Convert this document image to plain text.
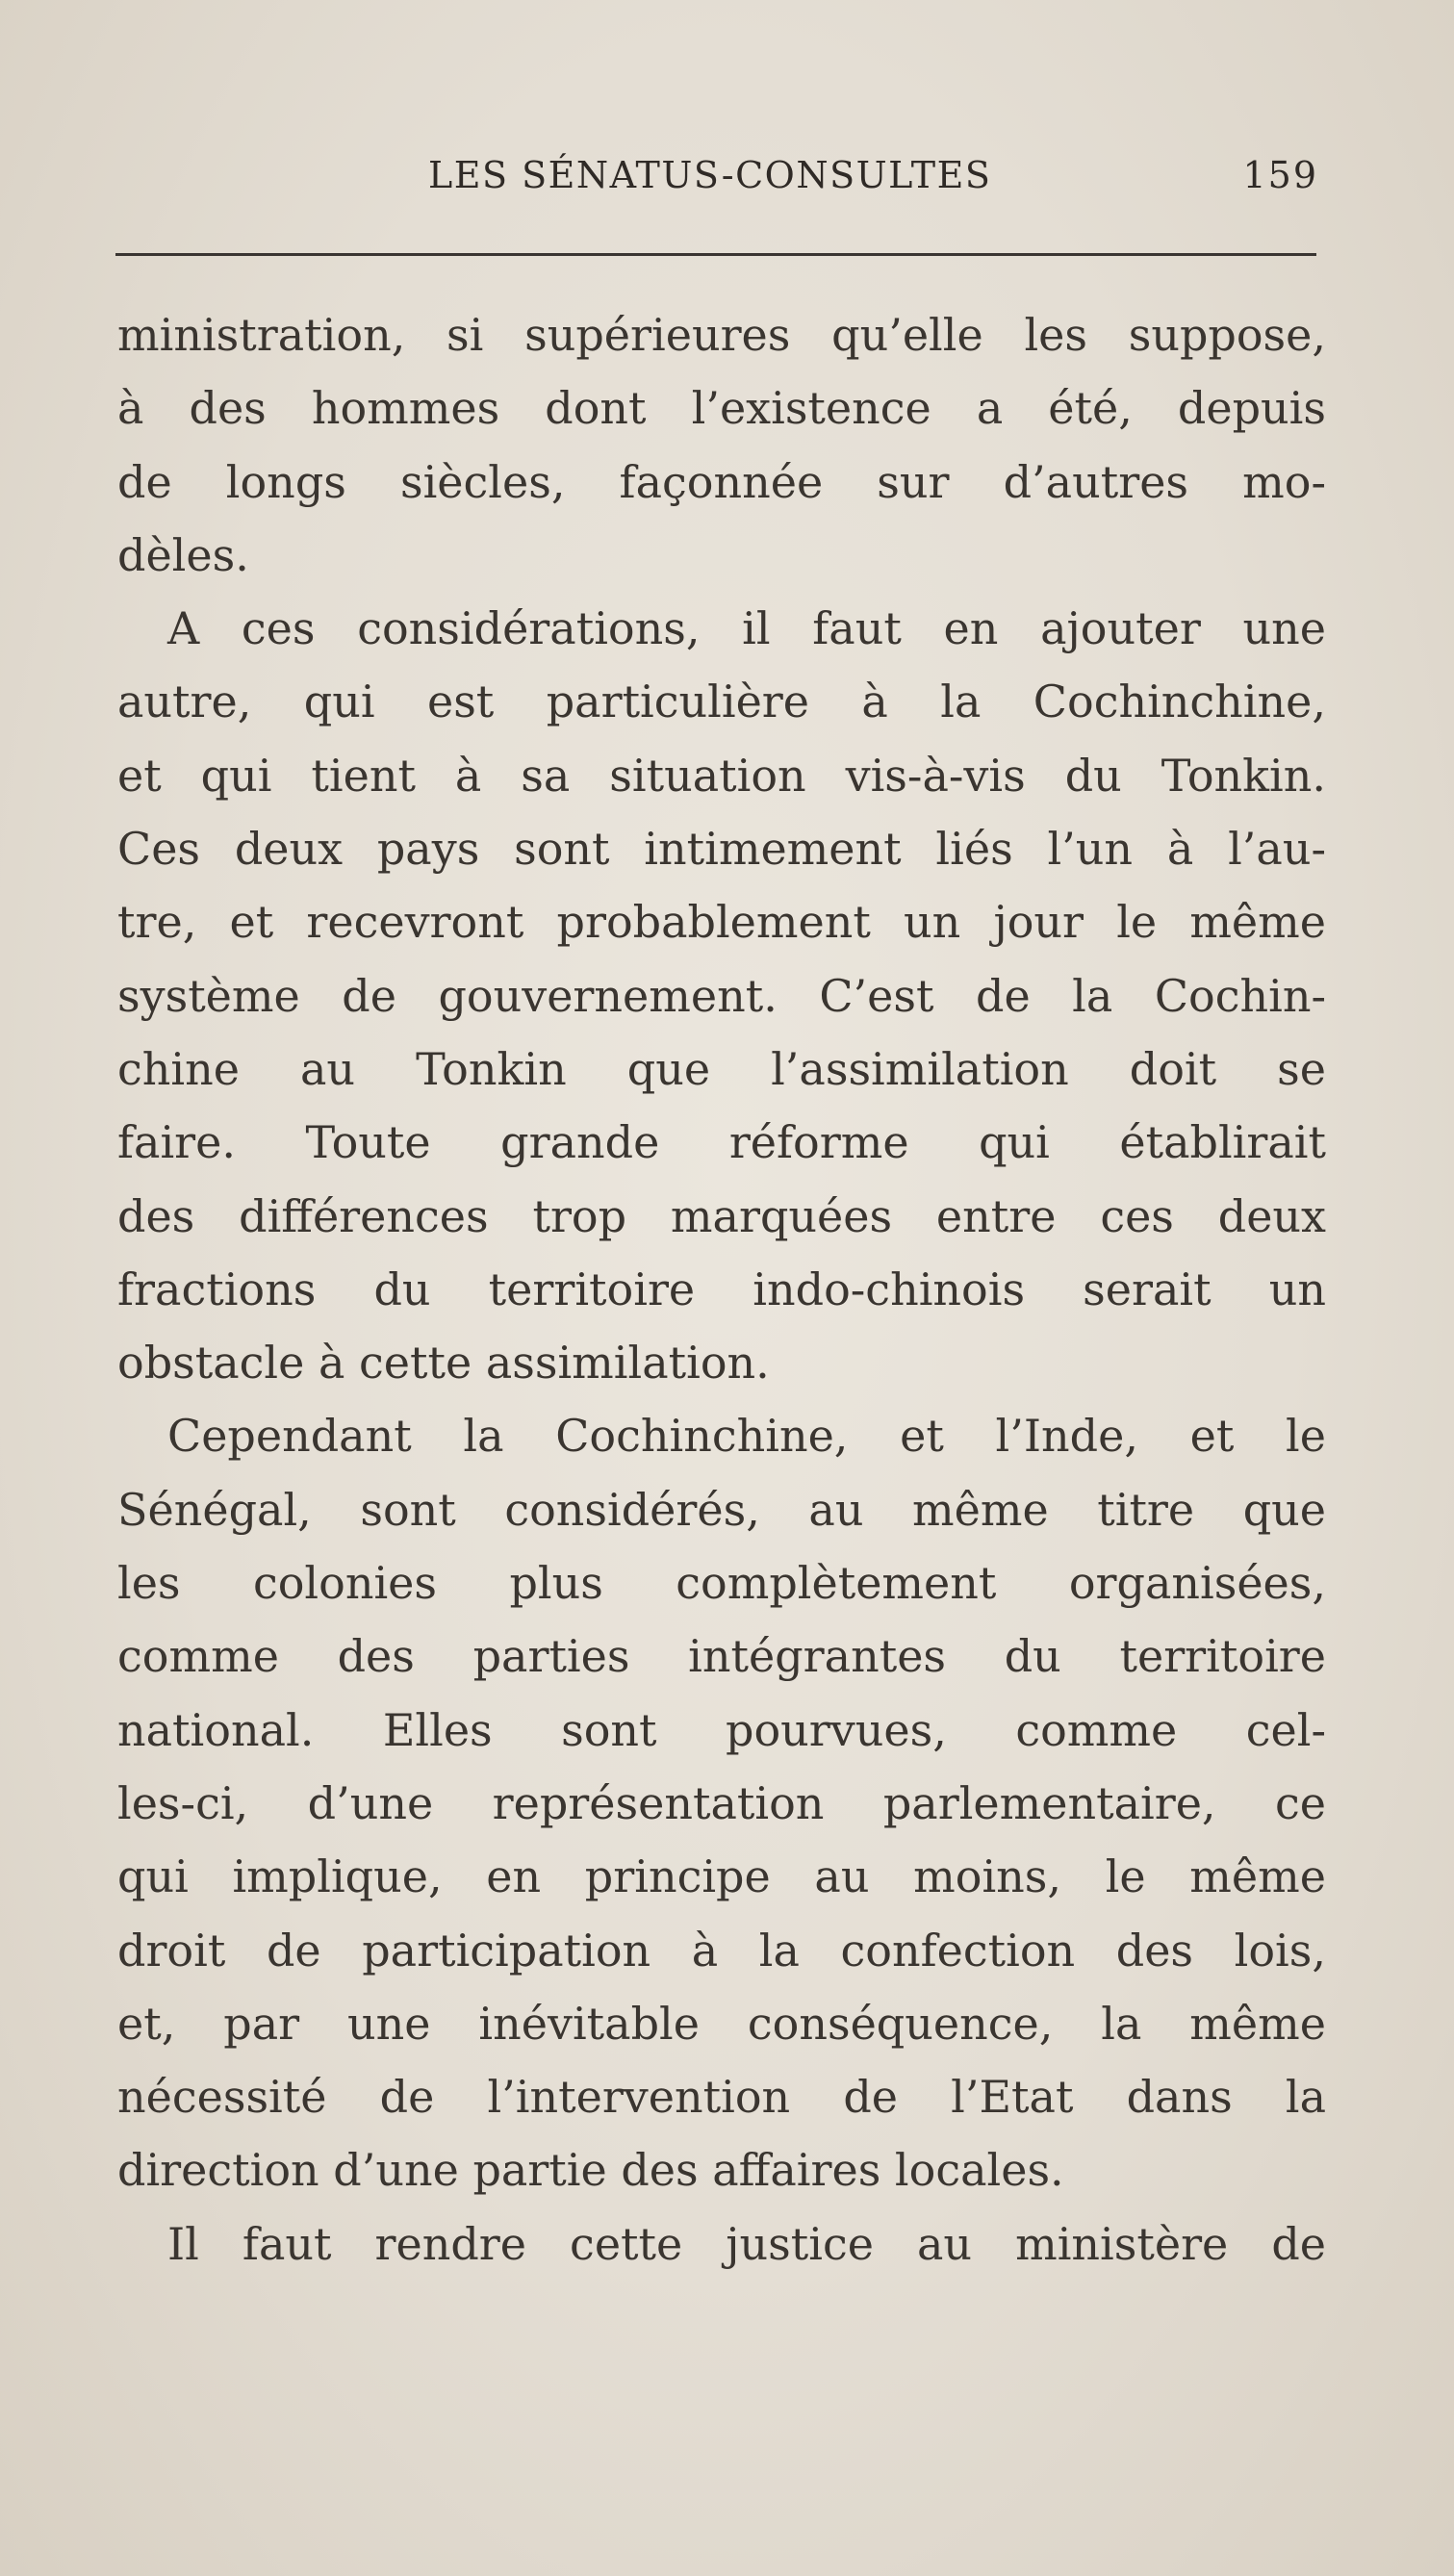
LES SÉNATUS-CONSULTES	159
ministration, si supérieures qu’elle les suppose,
à des hommes dont l’existence a été, depuis
de longs siècles, façonnée sur d’autres mo-
dèles.
A ces considérations, il faut en ajouter une
autre, qui est particulière à la Cochinchine,
et qui tient à sa situation vis-à-vis du Tonkin.
Ces deux pays sont intimement liés l’un à l’au-
tre, et recevront probablement un jour le même
système de gouvernement. C’est de la Cochin-
chine au Tonkin que l’assimilation doit se
faire. Toute grande réforme qui établirait
des différences trop marquées entre ces deux
fractions du territoire indo-chinois serait un
obstacle à cette assimilation.
Cependant la Cochinchine, et l’Inde, et le
Sénégal, sont considérés, au même titre que
les colonies plus complètement organisées,
comme des parties intégrantes du territoire
national. Elles sont pourvues, comme cel-
les-ci, d’une représentation parlementaire, ce
qui implique, en principe au moins, le même
droit de participation à la confection des lois,
et, par une inévitable conséquence, la même
nécessité de l’intervention de l’Etat dans la
direction d’une partie des affaires locales.
Il faut rendre cette justice au ministère de
